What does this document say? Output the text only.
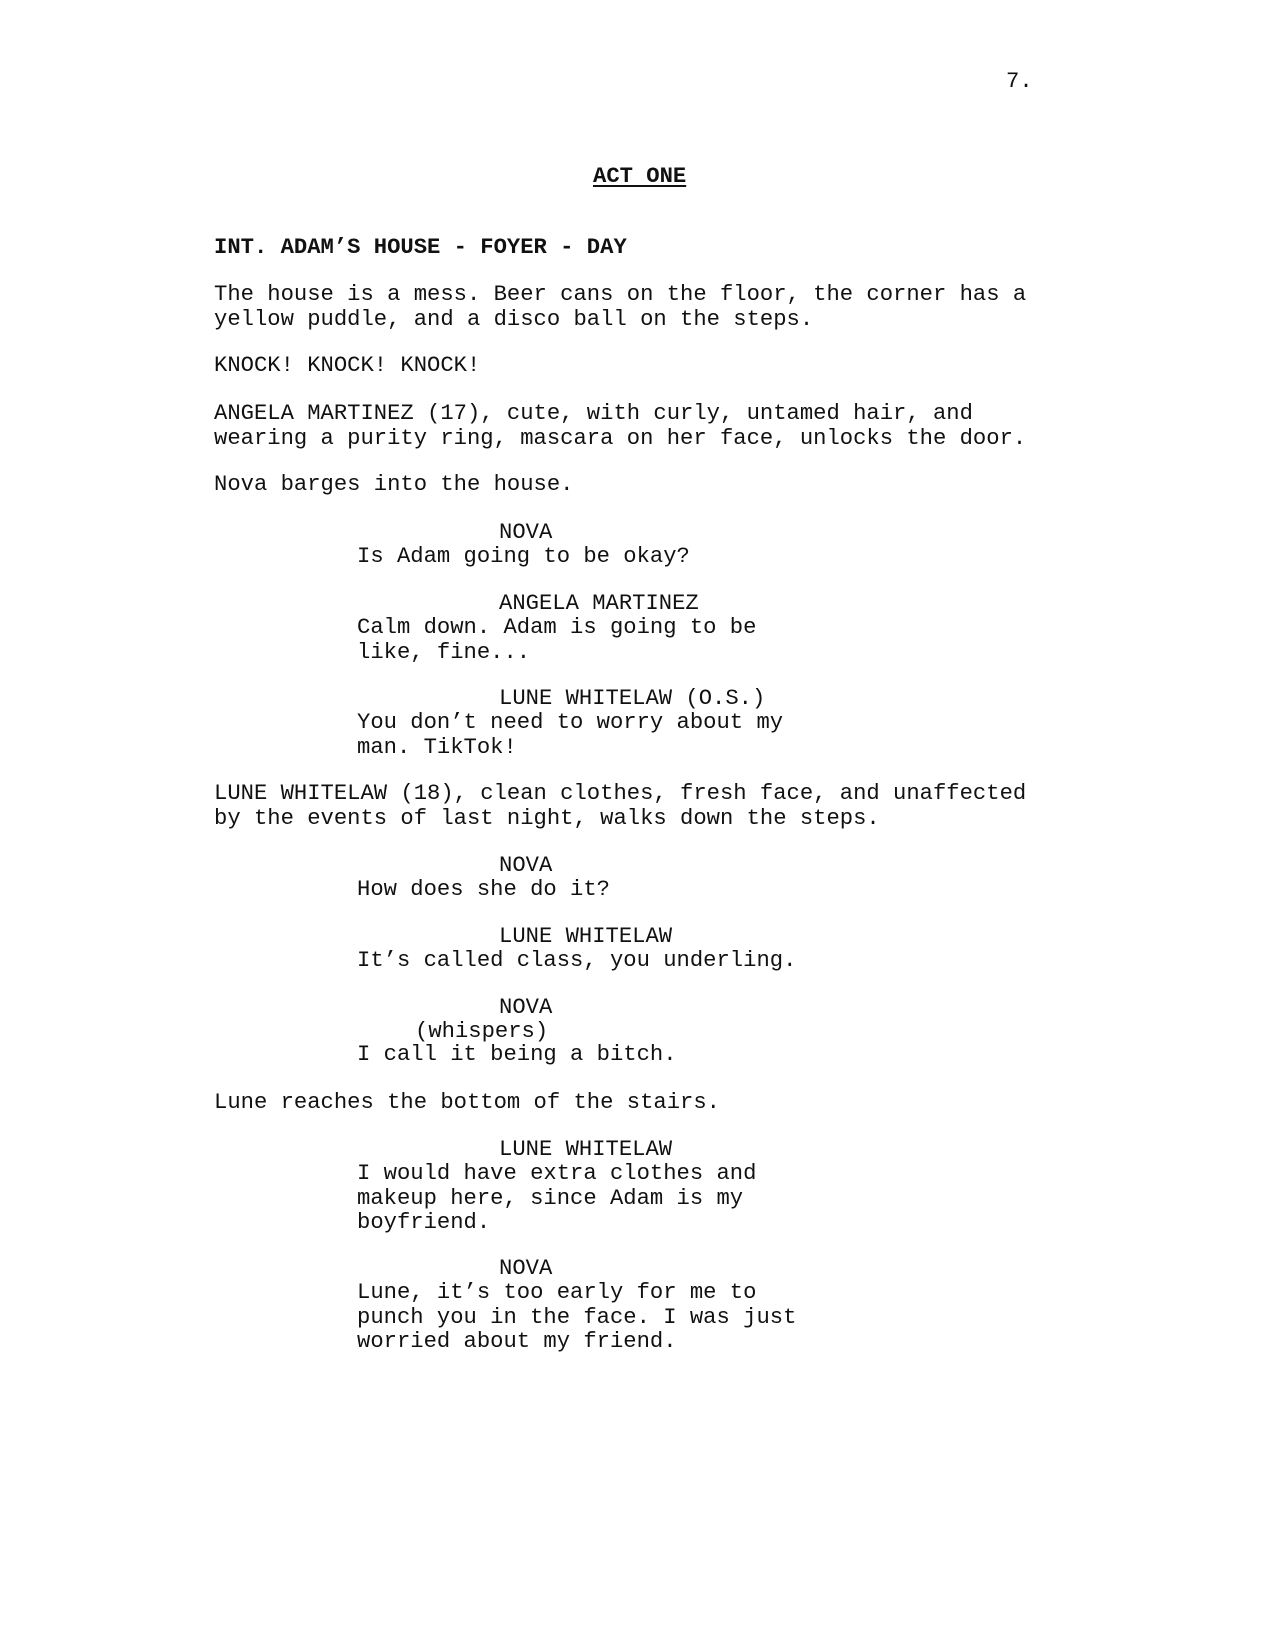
7.
ACT ONE
INT. ADAM’S HOUSE - FOYER - DAY
The house is a mess. Beer cans on the floor, the corner has a
yellow puddle, and a disco ball on the steps.
KNOCK! KNOCK! KNOCK!
ANGELA MARTINEZ (17), cute, with curly, untamed hair, and
wearing a purity ring, mascara on her face, unlocks the door.
Nova barges into the house.
NOVA
Is Adam going to be okay?
ANGELA MARTINEZ
Calm down. Adam is going to be
like, fine...
LUNE WHITELAW (O.S.)
You don’t need to worry about my
man. TikTok!
LUNE WHITELAW (18), clean clothes, fresh face, and unaffected
by the events of last night, walks down the steps.
NOVA
How does she do it?
LUNE WHITELAW
It’s called class, you underling.
NOVA
(whispers)
I call it being a bitch.
Lune reaches the bottom of the stairs.
LUNE WHITELAW
I would have extra clothes and
makeup here, since Adam is my
boyfriend.
NOVA
Lune, it’s too early for me to
punch you in the face. I was just
worried about my friend.
